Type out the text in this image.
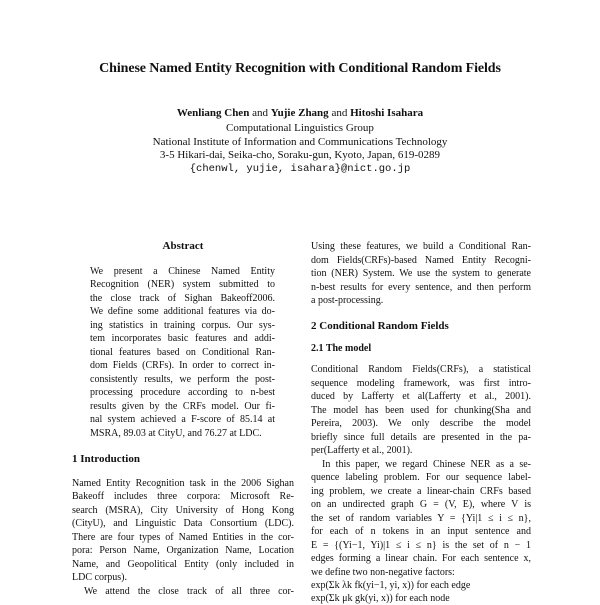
Chinese Named Entity Recognition with Conditional Random Fields
Wenliang Chen and Yujie Zhang and Hitoshi Isahara
Computational Linguistics Group
National Institute of Information and Communications Technology
3-5 Hikari-dai, Seika-cho, Soraku-gun, Kyoto, Japan, 619-0289
{chenwl, yujie, isahara}@nict.go.jp
Abstract
We present a Chinese Named Entity
Recognition (NER) system submitted to
the close track of Sighan Bakeoff2006.
We define some additional features via do-
ing statistics in training corpus. Our sys-
tem incorporates basic features and addi-
tional features based on Conditional Ran-
dom Fields (CRFs). In order to correct in-
consistently results, we perform the post-
processing procedure according to n-best
results given by the CRFs model. Our fi-
nal system achieved a F-score of 85.14 at
MSRA, 89.03 at CityU, and 76.27 at LDC.
1 Introduction
Named Entity Recognition task in the 2006 Sighan
Bakeoff includes three corpora: Microsoft Re-
search (MSRA), City University of Hong Kong
(CityU), and Linguistic Data Consortium (LDC).
There are four types of Named Entities in the cor-
pora: Person Name, Organization Name, Location
Name, and Geopolitical Entity (only included in
LDC corpus).
We attend the close track of all three cor-
Using these features, we build a Conditional Ran-
dom Fields(CRFs)-based Named Entity Recogni-
tion (NER) System. We use the system to generate
n-best results for every sentence, and then perform
a post-processing.
2 Conditional Random Fields
2.1 The model
Conditional Random Fields(CRFs), a statistical
sequence modeling framework, was first intro-
duced by Lafferty et al(Lafferty et al., 2001).
The model has been used for chunking(Sha and
Pereira, 2003). We only describe the model
briefly since full details are presented in the pa-
per(Lafferty et al., 2001).
In this paper, we regard Chinese NER as a se-
quence labeling problem. For our sequence label-
ing problem, we create a linear-chain CRFs based
on an undirected graph G = (V, E), where V is
the set of random variables Y = {Yi|1 ≤ i ≤ n},
for each of n tokens in an input sentence and
E = {(Yi−1, Yi)|1 ≤ i ≤ n} is the set of n − 1
edges forming a linear chain. For each sentence x,
we define two non-negative factors:
exp(Σk λk fk(yi−1, yi, x)) for each edge
exp(Σk μk gk(yi, x)) for each node
